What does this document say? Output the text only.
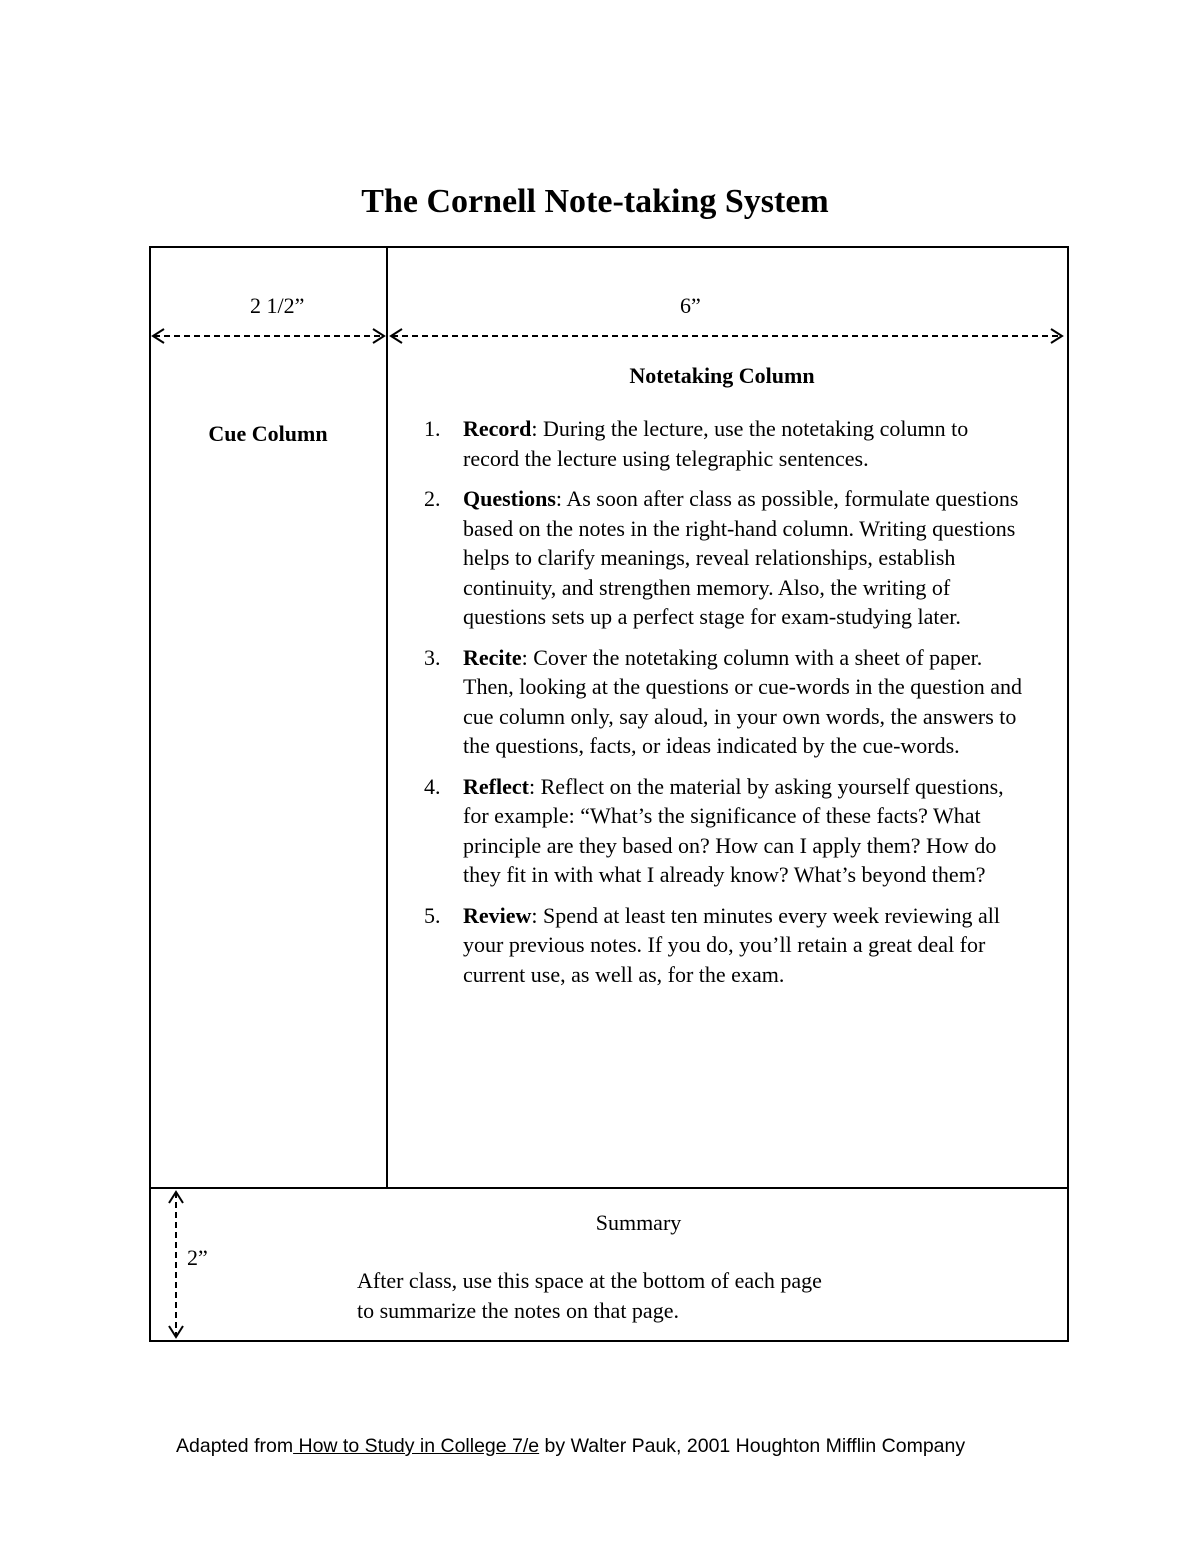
The Cornell Note-taking System
2 1/2”	6”
2”
Cue Column
Notetaking Column
1. Record: During the lecture, use the notetaking column to record the lecture using telegraphic sentences.
2. Questions: As soon after class as possible, formulate questions based on the notes in the right-hand column. Writing questions helps to clarify meanings, reveal relationships, establish continuity, and strengthen memory. Also, the writing of questions sets up a perfect stage for exam-studying later.
3. Recite: Cover the notetaking column with a sheet of paper. Then, looking at the questions or cue-words in the question and cue column only, say aloud, in your own words, the answers to the questions, facts, or ideas indicated by the cue-words.
4. Reflect: Reflect on the material by asking yourself questions, for example: “What’s the significance of these facts? What principle are they based on? How can I apply them? How do they fit in with what I already know? What’s beyond them?
5. Review: Spend at least ten minutes every week reviewing all your previous notes. If you do, you’ll retain a great deal for current use, as well as, for the exam.
Summary
After class, use this space at the bottom of each page
to summarize the notes on that page.
Adapted from How to Study in College 7/e by Walter Pauk, 2001 Houghton Mifflin Company
